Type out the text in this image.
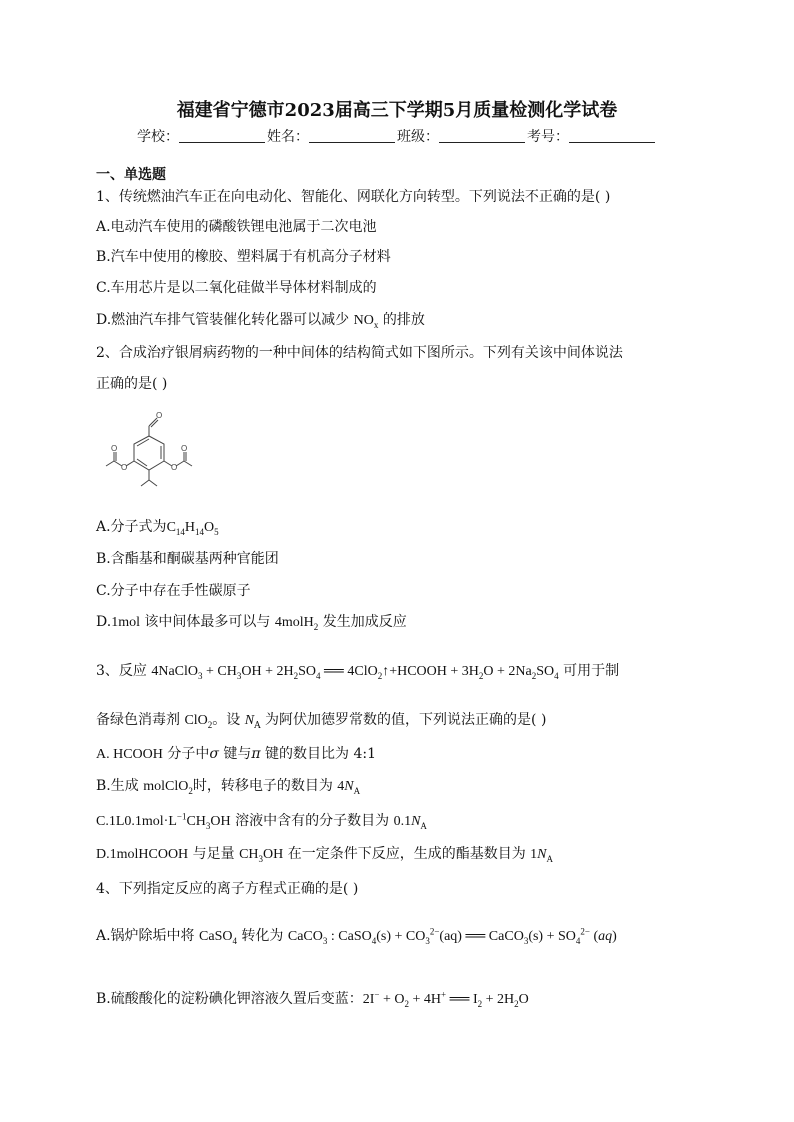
福建省宁德市2023届高三下学期5月质量检测化学试卷
学校：	姓名：	班级：	考号：
一、单选题
1、传统燃油汽车正在向电动化、智能化、网联化方向转型。下列说法不正确的是( )
A.电动汽车使用的磷酸铁锂电池属于二次电池
B.汽车中使用的橡胶、塑料属于有机高分子材料
C.车用芯片是以二氧化硅做半导体材料制成的
D.燃油汽车排气管装催化转化器可以减少 $NO_x$ 的排放
2、合成治疗银屑病药物的一种中间体的结构简式如下图所示。下列有关该中间体说法
正确的是( )
O
O
O
O
O
A.分子式为$C_{14}H_{14}O_5$
B.含酯基和酮碳基两种官能团
C.分子中存在手性碳原子
D.1mol 该中间体最多可以与 4molH$_2$ 发生加成反应
3、反应 4NaClO$_3$ + $CH_3OH + 2H_2SO_4$ ══ 4ClO$_2$↑+HCOOH + $3H_2O + 2Na_2SO_4$ 可用于制
备绿色消毒剂 ClO$_2$。设 $N_A$ 为阿伏加德罗常数的值，下列说法正确的是( )
A. HCOOH 分子中σ 键与π 键的数目比为 4:1
B.生成 molClO$_2$时，转移电子的数目为 $4N_A$
$C.1L0.1mol\cdot L^{-1}CH_3OH$ 溶液中含有的分子数目为 $0.1N_A$
D.1molHCOOH 与足量 $CH_3OH$ 在一定条件下反应，生成的酯基数目为 $1N_A$
4、下列指定反应的离子方程式正确的是( )
A.锅炉除垢中将 CaSO$_4$ 转化为 CaCO$_3$ : CaSO$_4$(s) + $CO_3^{2-}(aq)$ ══ CaCO$_3$(s) + $SO_4^{2-}$ (aq)
B.硫酸酸化的淀粉碘化钾溶液久置后变蓝：$2I^- + O_2 + 4H^+$ ══ $I_2 + 2H_2O$
